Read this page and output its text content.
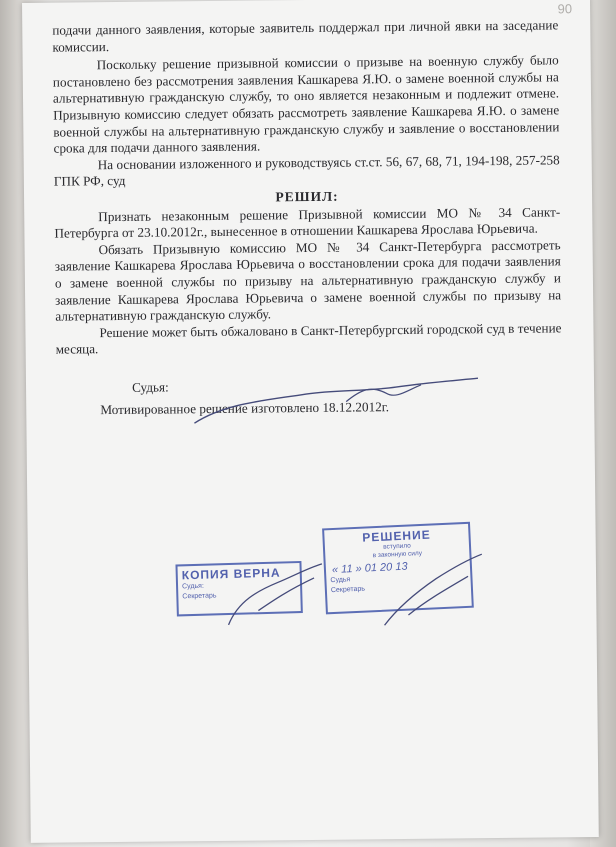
90

подачи данного заявления, которые заявитель поддержал при личной явки на заседание комиссии.

Поскольку решение призывной комиссии о призыве на военную службу было постановлено без рассмотрения заявления Кашкарева Я.Ю. о замене военной службы на альтернативную гражданскую службу, то оно является незаконным и подлежит отмене. Призывную комиссию следует обязать рассмотреть заявление Кашкарева Я.Ю. о замене военной службы на альтернативную гражданскую службу и заявление о восстановлении срока для подачи данного заявления.

На основании изложенного и руководствуясь ст.ст. 56, 67, 68, 71, 194-198, 257-258 ГПК РФ, суд

РЕШИЛ:

Признать незаконным решение Призывной комиссии МО № 34 Санкт-Петербурга от 23.10.2012г., вынесенное в отношении Кашкарева Ярослава Юрьевича.

Обязать Призывную комиссию МО № 34 Санкт-Петербурга рассмотреть заявление Кашкарева Ярослава Юрьевича о восстановлении срока для подачи заявления о замене военной службы по призыву на альтернативную гражданскую службу и заявление Кашкарева Ярослава Юрьевича о замене военной службы по призыву на альтернативную гражданскую службу.

Решение может быть обжаловано в Санкт-Петербургский городской суд в течение месяца.

Судья:

Мотивированное решение изготовлено 18.12.2012г.

КОПИЯ ВЕРНА
Судья:
Секретарь
РЕШЕНИЕ
вступило
в законную силу
« 11 » 01 20 13
Судья
Секретарь
